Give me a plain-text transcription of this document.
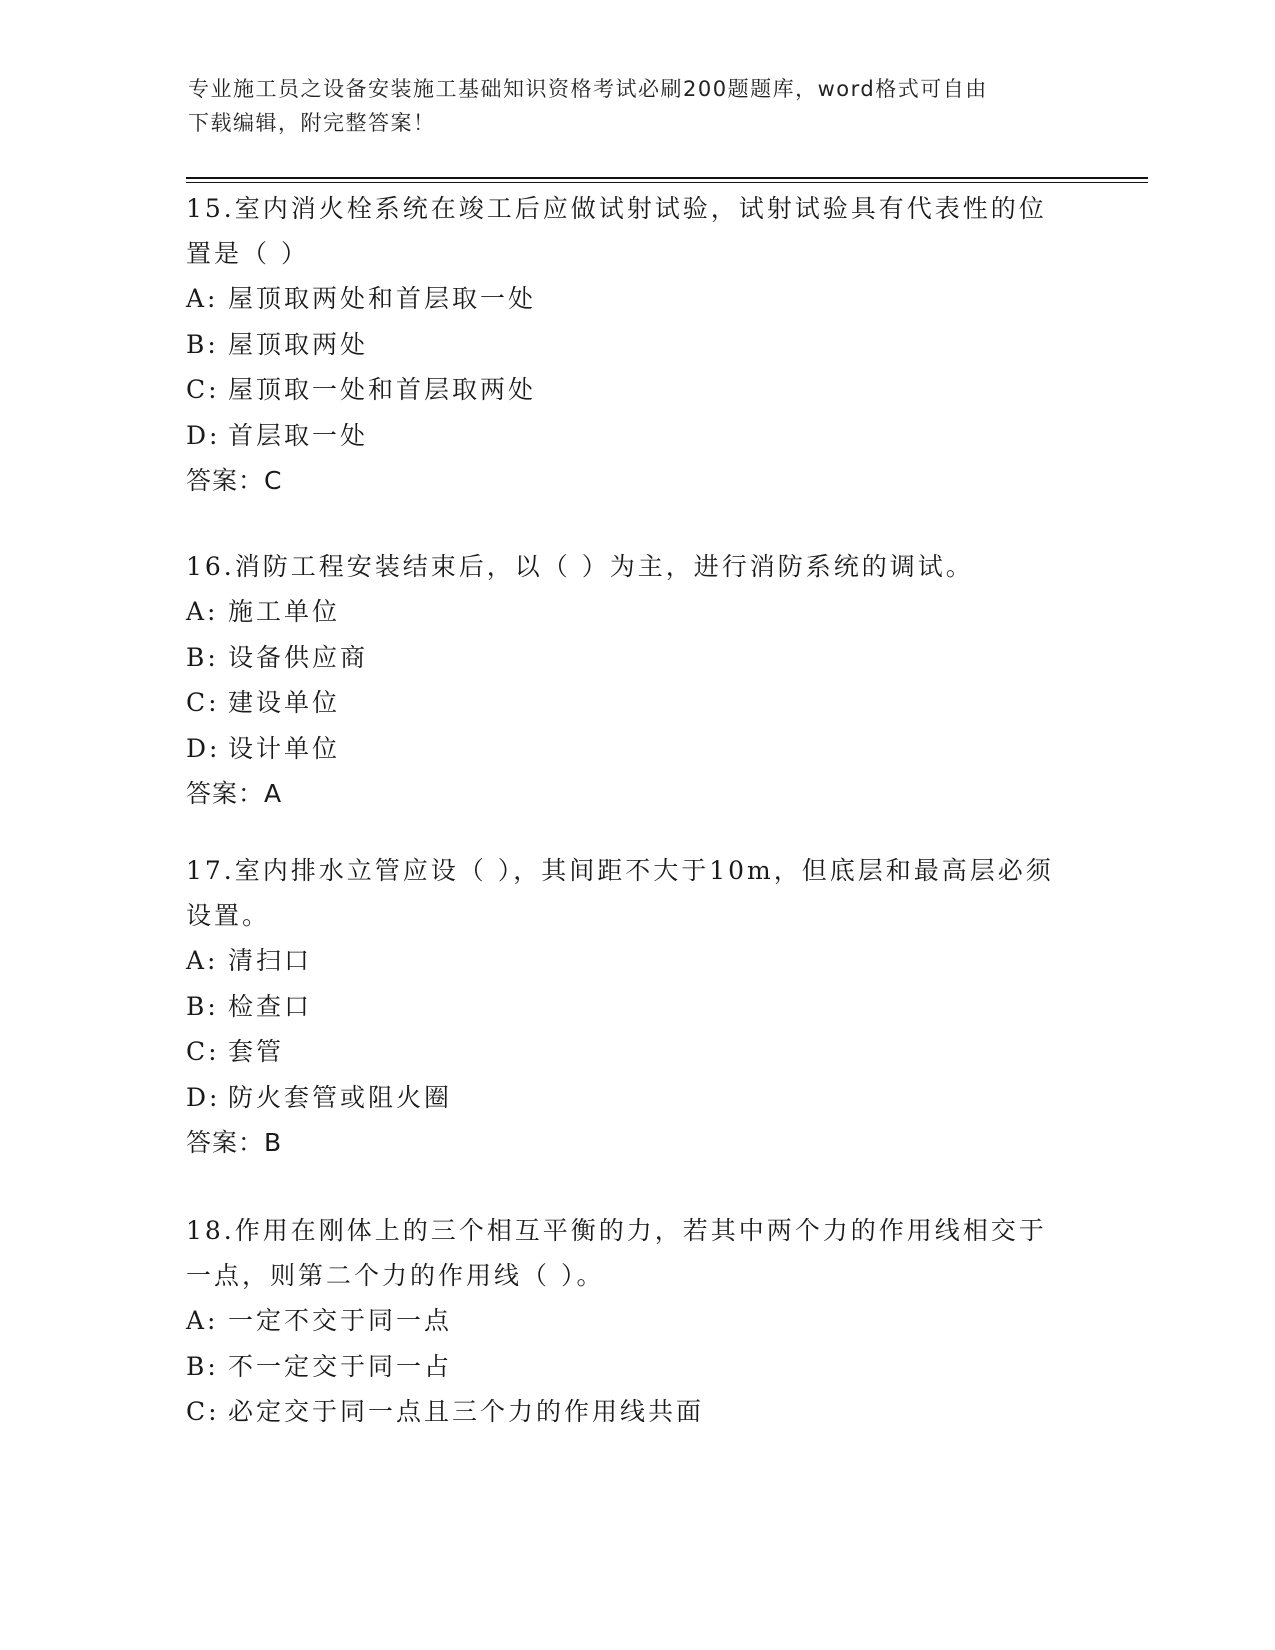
专业施工员之设备安装施工基础知识资格考试必刷200题题库，word格式可自由
下载编辑，附完整答案！

15.室内消火栓系统在竣工后应做试射试验，试射试验具有代表性的位

置是（ ）

A: 屋顶取两处和首层取一处

B: 屋顶取两处

C: 屋顶取一处和首层取两处

D: 首层取一处

答案：C

16.消防工程安装结束后，以（ ）为主，进行消防系统的调试。

A: 施工单位

B: 设备供应商

C: 建设单位

D: 设计单位

答案：A

17.室内排水立管应设（ ），其间距不大于10m，但底层和最高层必须

设置。

A: 清扫口

B: 检查口

C: 套管

D: 防火套管或阻火圈

答案：B

18.作用在刚体上的三个相互平衡的力，若其中两个力的作用线相交于

一点，则第二个力的作用线（ ）。

A: 一定不交于同一点

B: 不一定交于同一占

C: 必定交于同一点且三个力的作用线共面
